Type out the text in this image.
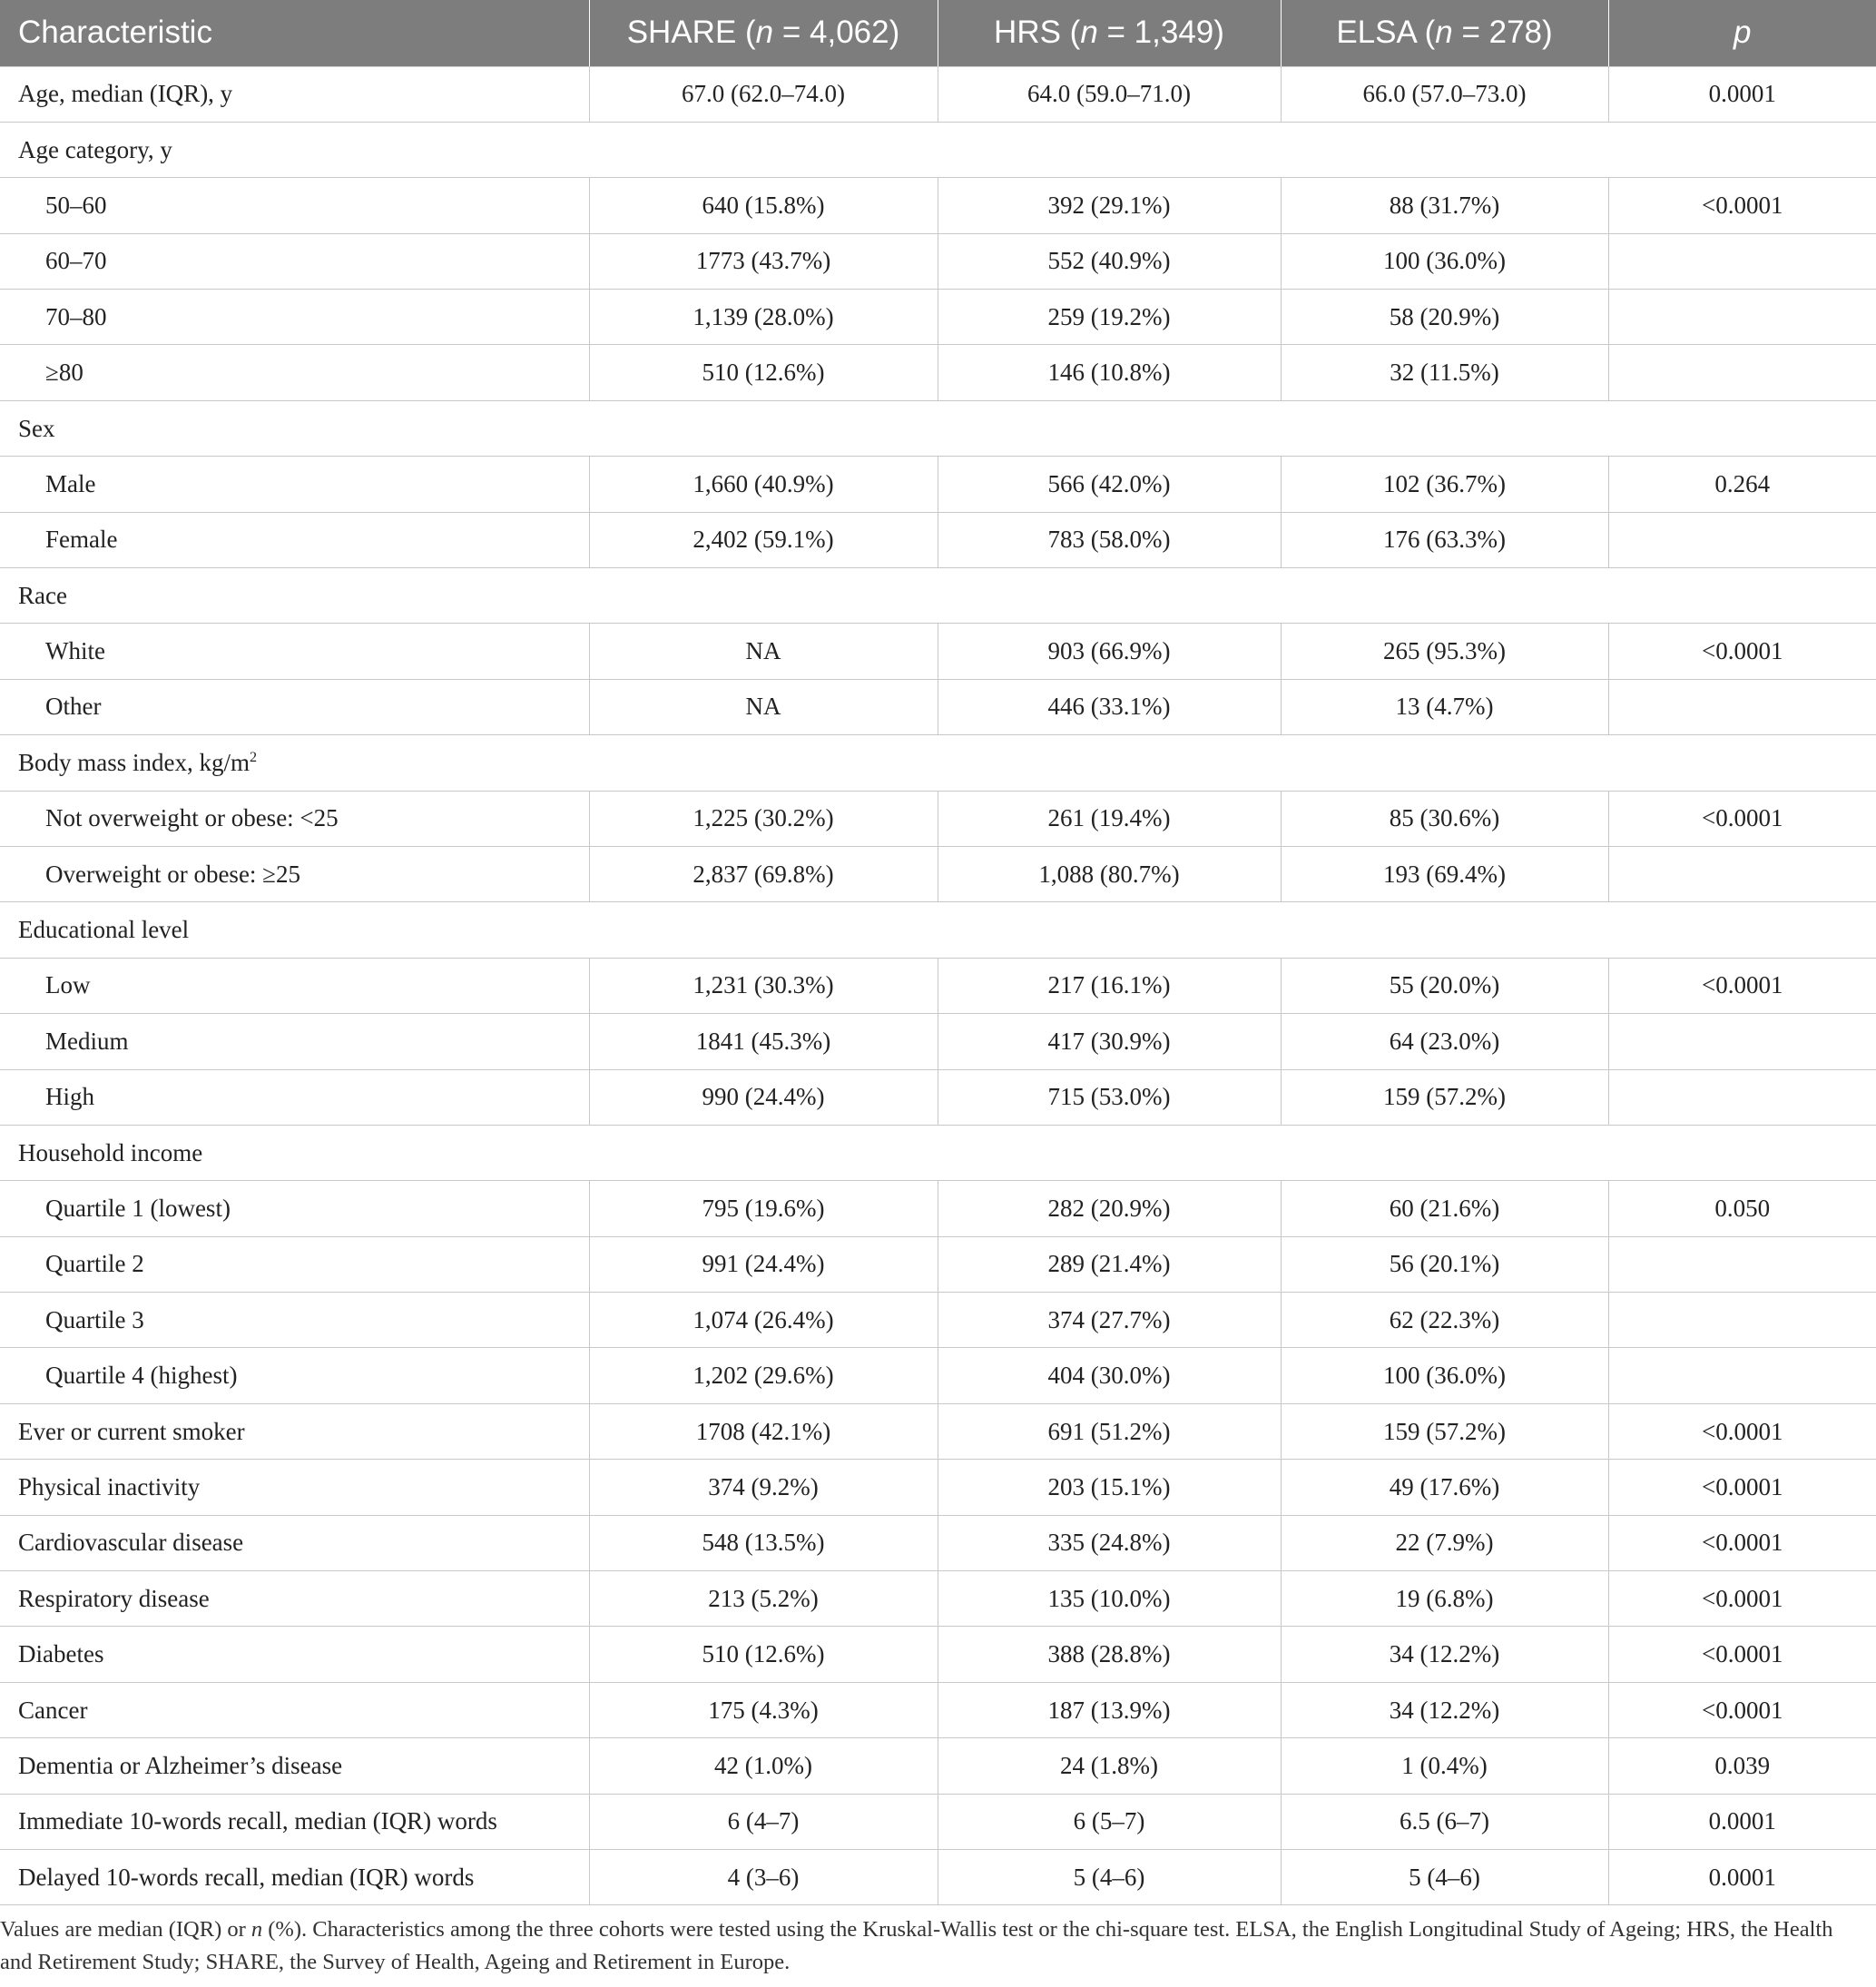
Characteristic	SHARE (n = 4,062)	HRS (n = 1,349)	ELSA (n = 278)	p
Age, median (IQR), y	67.0 (62.0–74.0)	64.0 (59.0–71.0)	66.0 (57.0–73.0)	0.0001
Age category, y				
50–60	640 (15.8%)	392 (29.1%)	88 (31.7%)	<0.0001
60–70	1773 (43.7%)	552 (40.9%)	100 (36.0%)	
70–80	1,139 (28.0%)	259 (19.2%)	58 (20.9%)	
≥80	510 (12.6%)	146 (10.8%)	32 (11.5%)	
Sex				
Male	1,660 (40.9%)	566 (42.0%)	102 (36.7%)	0.264
Female	2,402 (59.1%)	783 (58.0%)	176 (63.3%)	
Race				
White	NA	903 (66.9%)	265 (95.3%)	<0.0001
Other	NA	446 (33.1%)	13 (4.7%)	
Body mass index, $kg/m^2$
Not overweight or obese: <25	1,225 (30.2%)	261 (19.4%)	85 (30.6%)	<0.0001
Overweight or obese: ≥25	2,837 (69.8%)	1,088 (80.7%)	193 (69.4%)	
Educational level				
Low	1,231 (30.3%)	217 (16.1%)	55 (20.0%)	<0.0001
Medium	1841 (45.3%)	417 (30.9%)	64 (23.0%)	
High	990 (24.4%)	715 (53.0%)	159 (57.2%)	
Household income				
Quartile 1 (lowest)	795 (19.6%)	282 (20.9%)	60 (21.6%)	0.050
Quartile 2	991 (24.4%)	289 (21.4%)	56 (20.1%)	
Quartile 3	1,074 (26.4%)	374 (27.7%)	62 (22.3%)	
Quartile 4 (highest)	1,202 (29.6%)	404 (30.0%)	100 (36.0%)	
Ever or current smoker	1708 (42.1%)	691 (51.2%)	159 (57.2%)	<0.0001
Physical inactivity	374 (9.2%)	203 (15.1%)	49 (17.6%)	<0.0001
Cardiovascular disease	548 (13.5%)	335 (24.8%)	22 (7.9%)	<0.0001
Respiratory disease	213 (5.2%)	135 (10.0%)	19 (6.8%)	<0.0001
Diabetes	510 (12.6%)	388 (28.8%)	34 (12.2%)	<0.0001
Cancer	175 (4.3%)	187 (13.9%)	34 (12.2%)	<0.0001
Dementia or Alzheimer’s disease	42 (1.0%)	24 (1.8%)	1 (0.4%)	0.039
Immediate 10-words recall, median (IQR) words	6 (4–7)	6 (5–7)	6.5 (6–7)	0.0001
Delayed 10-words recall, median (IQR) words	4 (3–6)	5 (4–6)	5 (4–6)	0.0001

Values are median (IQR) or n (%). Characteristics among the three cohorts were tested using the Kruskal-Wallis test or the chi-square test. ELSA, the English Longitudinal Study of Ageing; HRS, the Health and Retirement Study; SHARE, the Survey of Health, Ageing and Retirement in Europe.
